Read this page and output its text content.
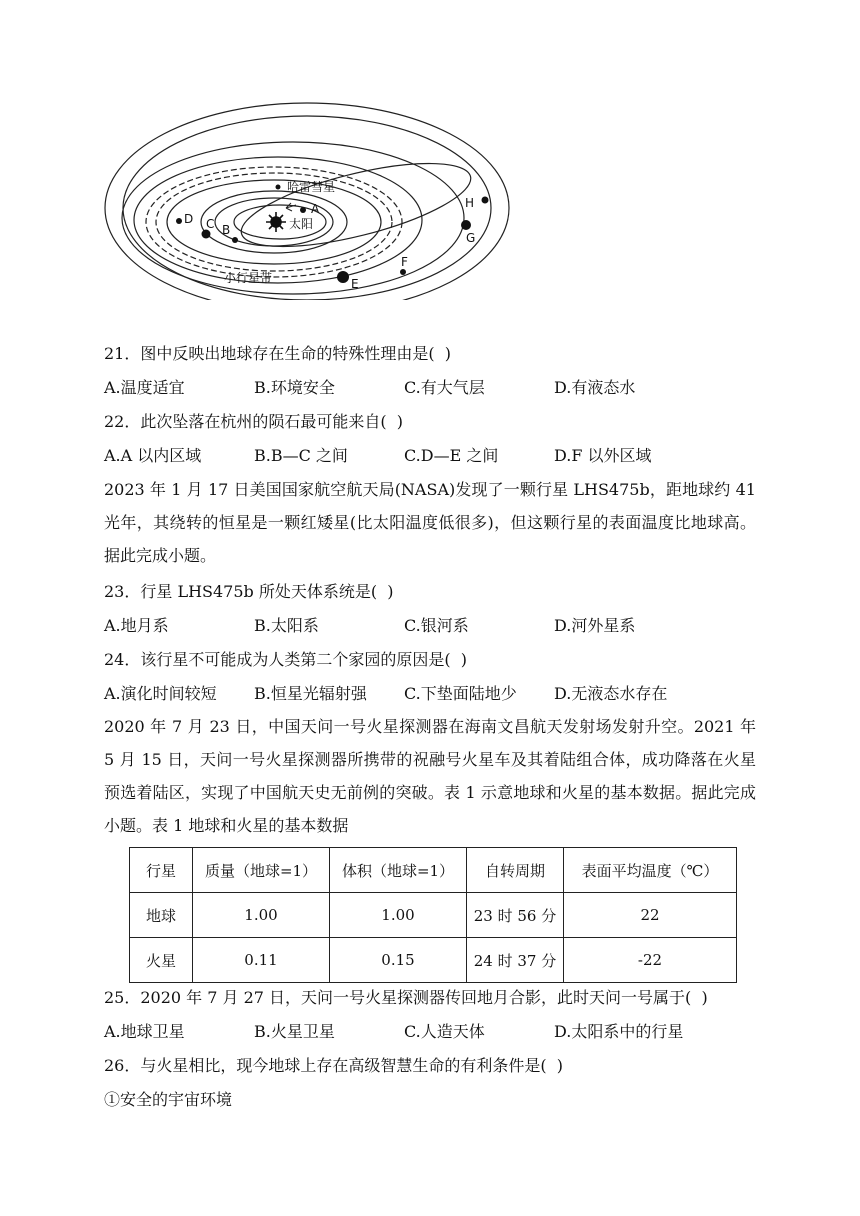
A
B
C
D
E
F
G
H
太阳
哈雷彗星
小行星带
21．图中反映出地球存在生命的特殊性理由是(  )
A.温度适宜	B.环境安全	C.有大气层	D.有液态水
22．此次坠落在杭州的陨石最可能来自(  )
A.A 以内区域	B.B—C 之间	C.D—E 之间	D.F 以外区域
2023 年 1 月 17 日美国国家航空航天局(NASA)发现了一颗行星 LHS475b，距地球约 41 光年，其绕转的恒星是一颗红矮星(比太阳温度低很多)，但这颗行星的表面温度比地球高。据此完成小题。
23．行星 LHS475b 所处天体系统是(  )
A.地月系	B.太阳系	C.银河系	D.河外星系
24．该行星不可能成为人类第二个家园的原因是(  )
A.演化时间较短 B.恒星光辐射强 C.下垫面陆地少 D.无液态水存在
2020 年 7 月 23 日，中国天问一号火星探测器在海南文昌航天发射场发射升空。2021 年 5 月 15 日，天问一号火星探测器所携带的祝融号火星车及其着陆组合体，成功降落在火星预选着陆区，实现了中国航天史无前例的突破。表 1 示意地球和火星的基本数据。据此完成小题。表 1 地球和火星的基本数据
行星	质量（地球=1）	体积（地球=1）	自转周期	表面平均温度（℃）
地球	1.00	1.00	23 时 56 分	22
火星	0.11	0.15	24 时 37 分	-22
25．2020 年 7 月 27 日，天问一号火星探测器传回地月合影，此时天问一号属于(  )
A.地球卫星	B.火星卫星	C.人造天体	D.太阳系中的行星
26．与火星相比，现今地球上存在高级智慧生命的有利条件是(  )
①安全的宇宙环境
